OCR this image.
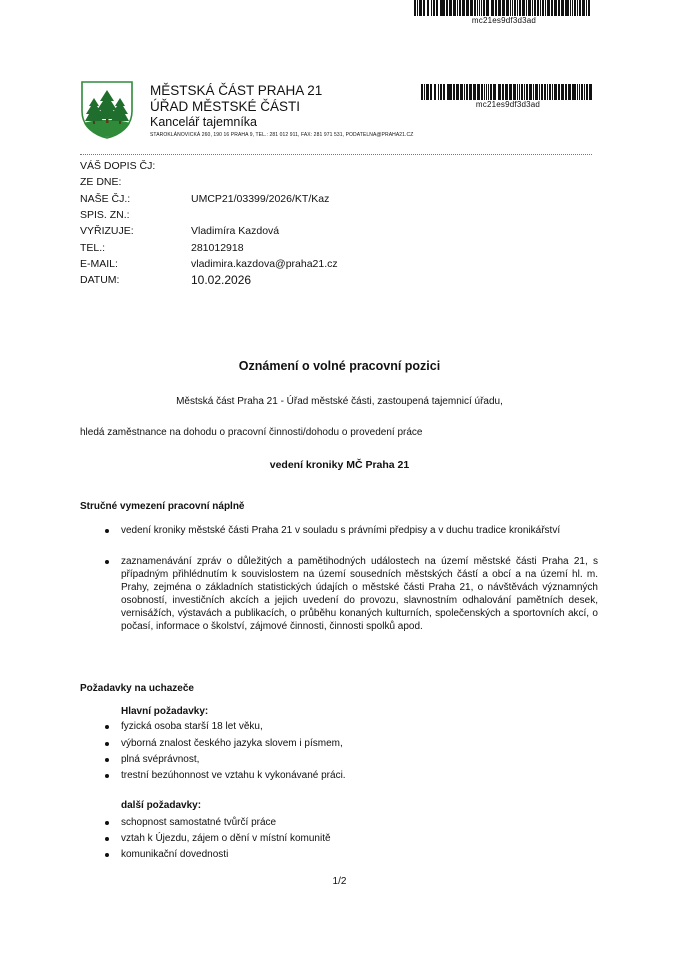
mc21es9df3d3ad
MĚSTSKÁ ČÁST PRAHA 21
ÚŘAD MĚSTSKÉ ČÁSTI
Kancelář tajemníka
STAROKLÁNOVICKÁ 260, 190 16 PRAHA 9, TEL.: 281 012 911, FAX: 281 971 531, PODATELNA@PRAHA21.CZ
mc21es9df3d3ad
VÁŠ DOPIS ČJ:
ZE DNE:
NAŠE ČJ.:	UMCP21/03399/2026/KT/Kaz
SPIS. ZN.:
VYŘIZUJE:	Vladimíra Kazdová
TEL.:	281012918
E-MAIL:	vladimira.kazdova@praha21.cz
DATUM:	10.02.2026
Oznámení o volné pracovní pozici
Městská část Praha 21 - Úřad městské části, zastoupená tajemnicí úřadu,
hledá zaměstnance na dohodu o pracovní činnosti/dohodu o provedení práce
vedení kroniky MČ Praha 21
Stručné vymezení pracovní náplně
vedení kroniky městské části Praha 21 v souladu s právními předpisy a v duchu tradice kronikářství
zaznamenávání zpráv o důležitých a pamětihodných událostech na území městské části Praha 21, s případným přihlédnutím k souvislostem na území sousedních městských částí a obcí a na území hl. m. Prahy, zejména o základních statistických údajích o městské části Praha 21, o návštěvách významných osobností, investičních akcích a jejich uvedení do provozu, slavnostním odhalování pamětních desek, vernisážích, výstavách a publikacích, o průběhu konaných kulturních, společenských a sportovních akcí, o počasí, informace o školství, zájmové činnosti, činnosti spolků apod.
Požadavky na uchazeče
Hlavní požadavky:
fyzická osoba starší 18 let věku,
výborná znalost českého jazyka slovem i písmem,
plná svéprávnost,
trestní bezúhonnost ve vztahu k vykonávané práci.
další požadavky:
schopnost samostatné tvůrčí práce
vztah k Újezdu, zájem o dění v místní komunitě
komunikační dovednosti
1/2
